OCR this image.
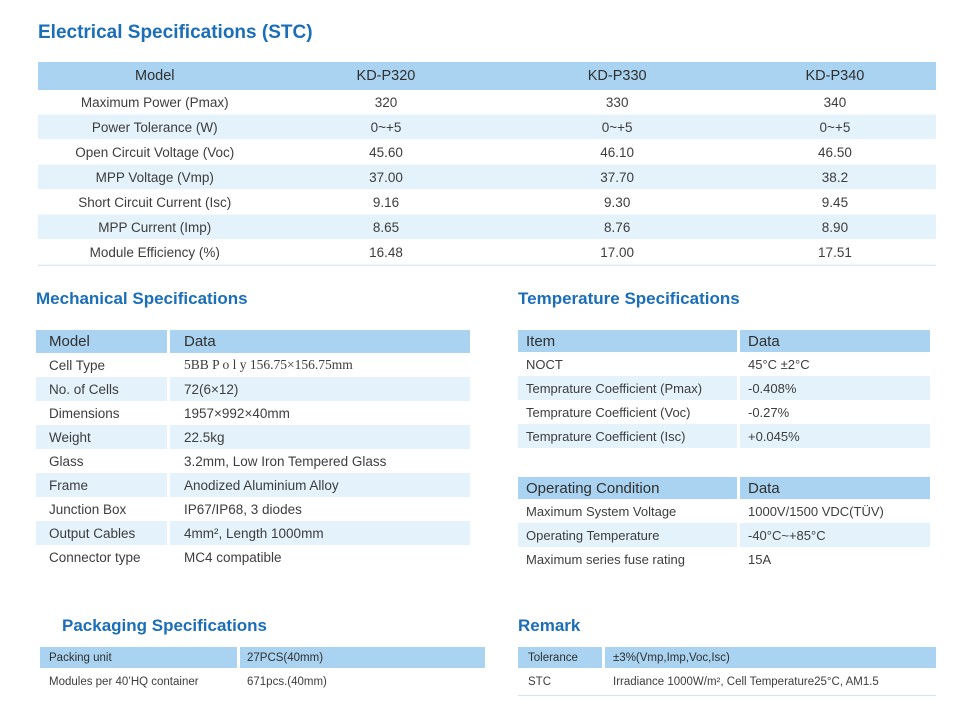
Electrical Specifications (STC)
Model	KD-P320	KD-P330	KD-P340
Maximum Power (Pmax)	320	330	340
Power Tolerance (W)	0~+5	0~+5	0~+5
Open Circuit Voltage (Voc)	45.60	46.10	46.50
MPP Voltage (Vmp)	37.00	37.70	38.2
Short Circuit Current (Isc)	9.16	9.30	9.45
MPP Current (Imp)	8.65	8.76	8.90
Module Efficiency (%)	16.48	17.00	17.51
Mechanical Specifications
Model	Data
Cell Type	5BB P o l y 156.75×156.75mm
No. of Cells	72(6×12)
Dimensions	1957×992×40mm
Weight	22.5kg
Glass	3.2mm, Low Iron Tempered Glass
Frame	Anodized Aluminium Alloy
Junction Box	IP67/IP68, 3 diodes
Output Cables	4mm², Length 1000mm
Connector type	MC4 compatible
Temperature Specifications
Item	Data
NOCT	45°C ±2°C
Temprature Coefficient (Pmax)	-0.408%
Temprature Coefficient (Voc)	-0.27%
Temprature Coefficient (Isc)	+0.045%
Operating Condition	Data
Maximum System Voltage	1000V/1500 VDC(TÜV)
Operating Temperature	-40°C~+85°C
Maximum series fuse rating	15A
Packaging Specifications
Packing unit	27PCS(40mm)
Modules per 40’HQ container	671pcs.(40mm)
Remark
Tolerance	±3%(Vmp,Imp,Voc,Isc)
STC	Irradiance 1000W/m², Cell Temperature25°C, AM1.5
